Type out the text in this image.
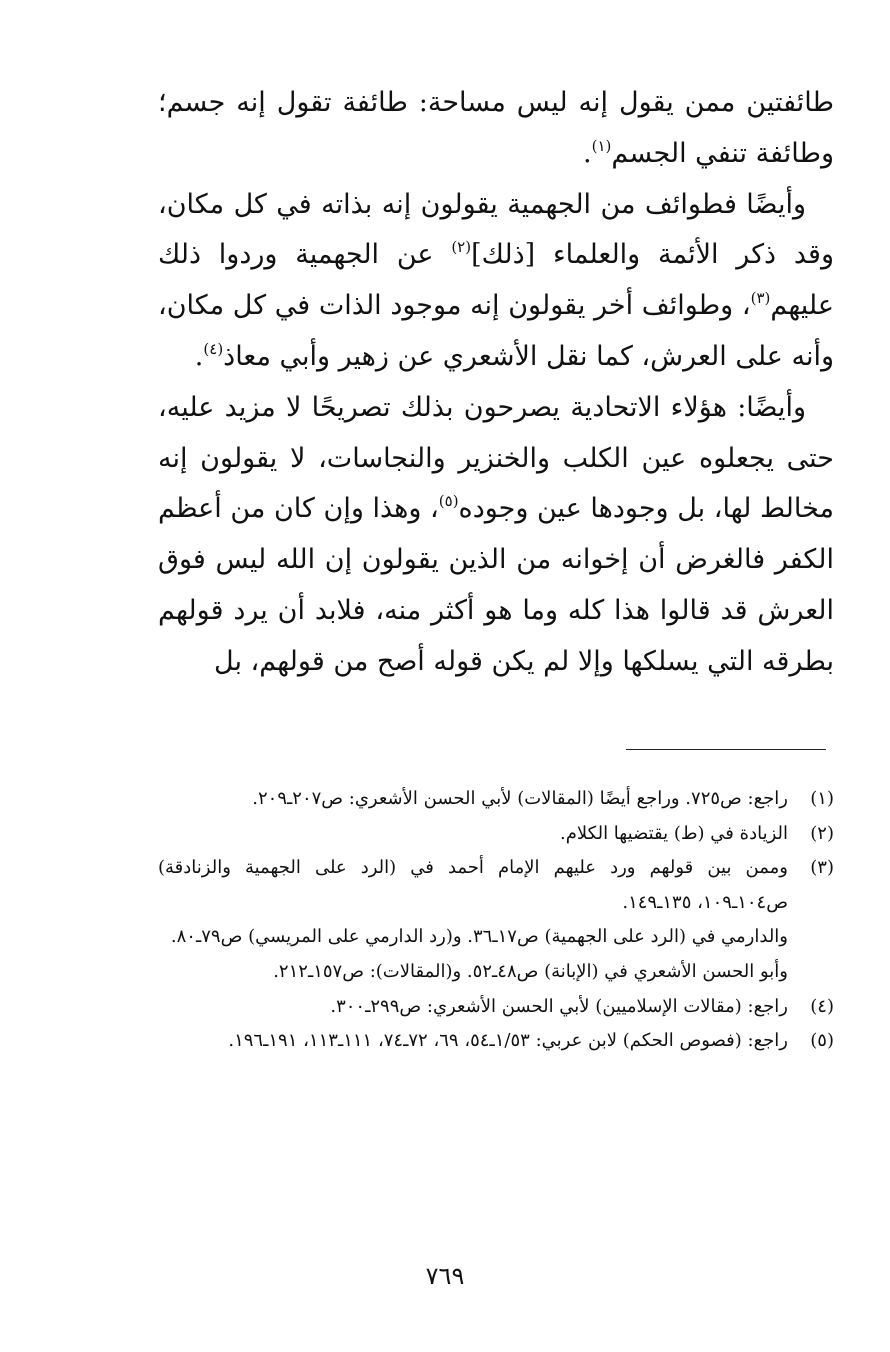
طائفتين ممن يقول إنه ليس مساحة: طائفة تقول إنه جسم؛ وطائفة تنفي الجسم$^{(١)}$.

وأيضًا فطوائف من الجهمية يقولون إنه بذاته في كل مكان، وقد ذكر الأئمة والعلماء [ذلك]$^{(٢)}$ عن الجهمية وردوا ذلك عليهم$^{(٣)}$، وطوائف أخر يقولون إنه موجود الذات في كل مكان، وأنه على العرش، كما نقل الأشعري عن زهير وأبي معاذ$^{(٤)}$.

وأيضًا: هؤلاء الاتحادية يصرحون بذلك تصريحًا لا مزيد عليه، حتى يجعلوه عين الكلب والخنزير والنجاسات، لا يقولون إنه مخالط لها، بل وجودها عين وجوده$^{(٥)}$، وهذا وإن كان من أعظم الكفر فالغرض أن إخوانه من الذين يقولون إن الله ليس فوق العرش قد قالوا هذا كله وما هو أكثر منه، فلابد أن يرد قولهم بطرقه التي يسلكها وإلا لم يكن قوله أصح من قولهم، بل

(١)
راجع: ص٧٢٥. وراجع أيضًا (المقالات) لأبي الحسن الأشعري: ص٢٠٧ـ٢٠٩.
(٢)
الزيادة في (ط) يقتضيها الكلام.
(٣)
وممن بين قولهم ورد عليهم الإمام أحمد في (الرد على الجهمية والزنادقة) ص١٠٤ـ١٠٩، ١٣٥ـ١٤٩.
والدارمي في (الرد على الجهمية) ص١٧ـ٣٦. و(رد الدارمي على المريسي) ص٧٩ـ٨٠.
وأبو الحسن الأشعري في (الإبانة) ص٤٨ـ٥٢. و(المقالات): ص١٥٧ـ٢١٢.
(٤)
راجع: (مقالات الإسلاميين) لأبي الحسن الأشعري: ص٢٩٩ـ٣٠٠.
(٥)
راجع: (فصوص الحكم) لابن عربي: ١/٥٣ـ٥٤، ٦٩، ٧٢ـ٧٤، ١١١ـ١١٣، ١٩١ـ١٩٦.
٧٦٩
